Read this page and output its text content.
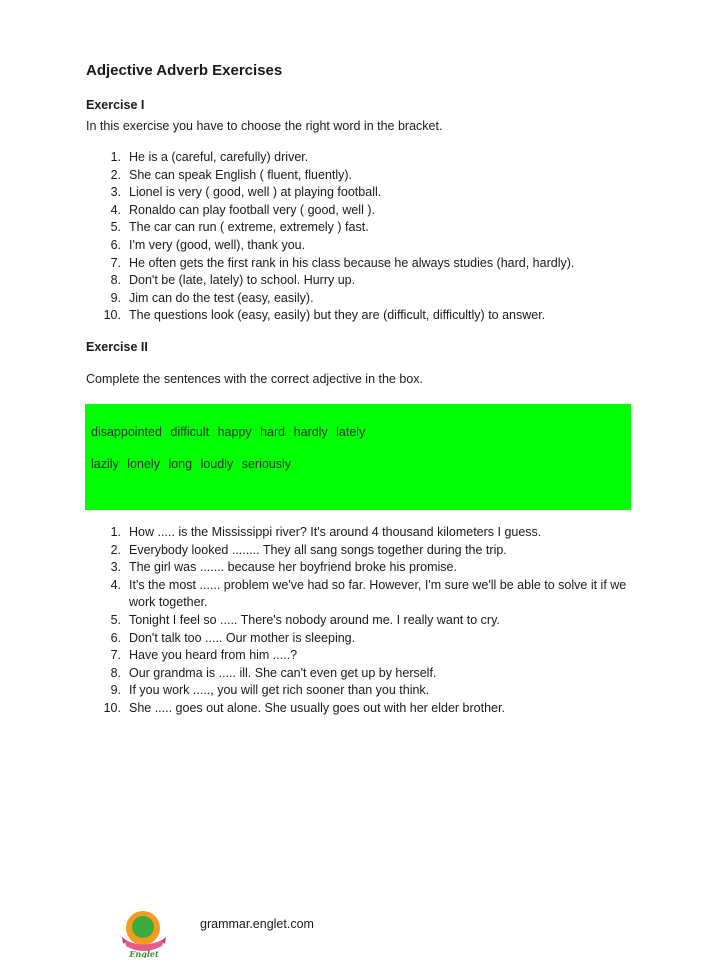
Adjective Adverb Exercises
Exercise I
In this exercise you have to choose the right word in the bracket.
1. He is a (careful, carefully) driver.
2. She can speak English ( fluent, fluently).
3. Lionel is very ( good, well ) at playing football.
4. Ronaldo can play football very ( good, well ).
5. The car can run ( extreme, extremely ) fast.
6. I'm very (good, well), thank you.
7. He often gets the first rank in his class because he always studies (hard, hardly).
8. Don't be (late, lately) to school. Hurry up.
9. Jim can do the test (easy, easily).
10. The questions look (easy, easily) but they are (difficult, difficultly) to answer.
Exercise II
Complete the sentences with the correct adjective in the box.
disappointed difficult happy hard hardly lately
lazily lonely long loudly seriously
1. How ..... is the Mississippi river? It's around 4 thousand kilometers I guess.
2. Everybody looked ........ They all sang songs together during the trip.
3. The girl was ....... because her boyfriend broke his promise.
4. It's the most ...... problem we've had so far. However, I'm sure we'll be able to solve it if we work together.
5. Tonight I feel so ..... There's nobody around me. I really want to cry.
6. Don't talk too ..... Our mother is sleeping.
7. Have you heard from him .....?
8. Our grandma is ..... ill. She can't even get up by herself.
9. If you work ....., you will get rich sooner than you think.
10. She ..... goes out alone. She usually goes out with her elder brother.
Englet
grammar.englet.com
